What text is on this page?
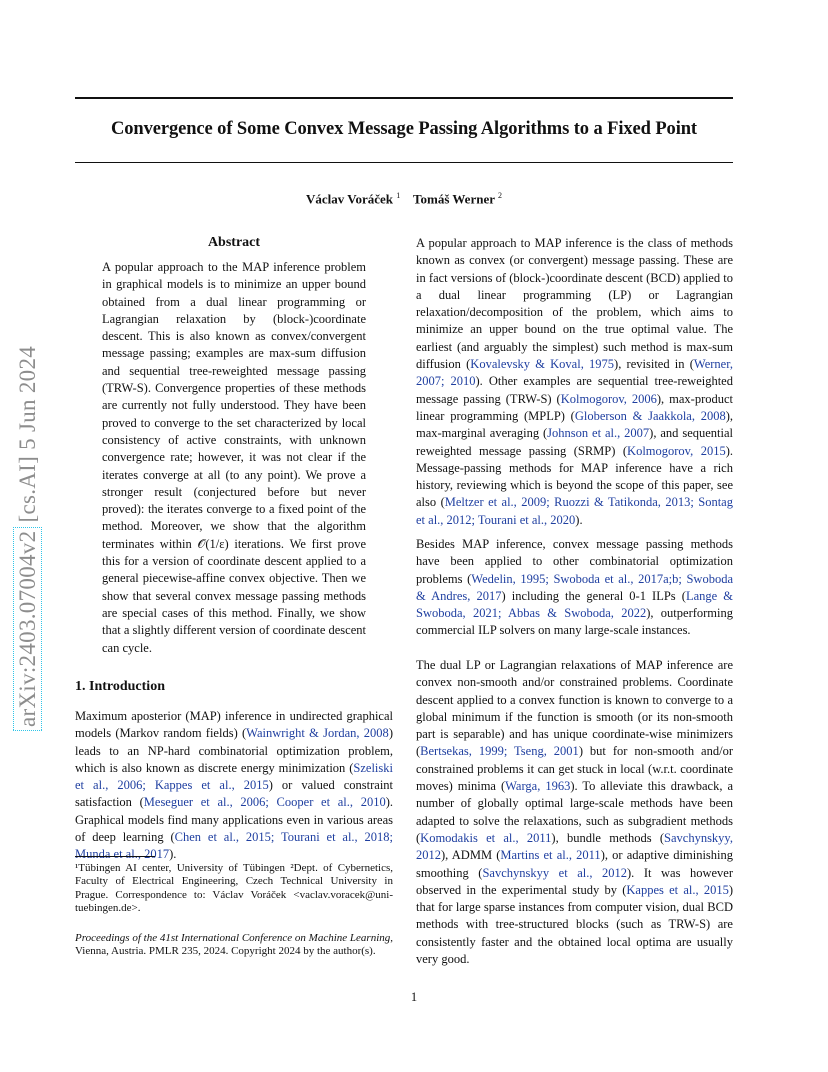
Convergence of Some Convex Message Passing Algorithms to a Fixed Point
Václav Voráček $^1$ Tomáš Werner $^2$
arXiv:2403.07004v2 [cs.AI] 5 Jun 2024
Abstract
A popular approach to the MAP inference problem in graphical models is to minimize an upper bound obtained from a dual linear programming or Lagrangian relaxation by (block-)coordinate descent. This is also known as convex/convergent message passing; examples are max-sum diffusion and sequential tree-reweighted message passing (TRW-S). Convergence properties of these methods are currently not fully understood. They have been proved to converge to the set characterized by local consistency of active constraints, with unknown convergence rate; however, it was not clear if the iterates converge at all (to any point). We prove a stronger result (conjectured before but never proved): the iterates converge to a fixed point of the method. Moreover, we show that the algorithm terminates within 𝒪(1/ε) iterations. We first prove this for a version of coordinate descent applied to a general piecewise-affine convex objective. Then we show that several convex message passing methods are special cases of this method. Finally, we show that a slightly different version of coordinate descent can cycle.
1. Introduction
Maximum aposterior (MAP) inference in undirected graphical models (Markov random fields) (Wainwright & Jordan, 2008) leads to an NP-hard combinatorial optimization problem, which is also known as discrete energy minimization (Szeliski et al., 2006; Kappes et al., 2015) or valued constraint satisfaction (Meseguer et al., 2006; Cooper et al., 2010). Graphical models find many applications even in various areas of deep learning (Chen et al., 2015; Tourani et al., 2018; Munda et al., 2017).
¹Tübingen AI center, University of Tübingen ²Dept. of Cybernetics, Faculty of Electrical Engineering, Czech Technical University in Prague. Correspondence to: Václav Voráček <vaclav.voracek@uni-tuebingen.de>.
Proceedings of the 41st International Conference on Machine Learning, Vienna, Austria. PMLR 235, 2024. Copyright 2024 by the author(s).
A popular approach to MAP inference is the class of methods known as convex (or convergent) message passing. These are in fact versions of (block-)coordinate descent (BCD) applied to a dual linear programming (LP) or Lagrangian relaxation/decomposition of the problem, which aims to minimize an upper bound on the true optimal value. The earliest (and arguably the simplest) such method is max-sum diffusion (Kovalevsky & Koval, 1975), revisited in (Werner, 2007; 2010). Other examples are sequential tree-reweighted message passing (TRW-S) (Kolmogorov, 2006), max-product linear programming (MPLP) (Globerson & Jaakkola, 2008), max-marginal averaging (Johnson et al., 2007), and sequential reweighted message passing (SRMP) (Kolmogorov, 2015). Message-passing methods for MAP inference have a rich history, reviewing which is beyond the scope of this paper, see also (Meltzer et al., 2009; Ruozzi & Tatikonda, 2013; Sontag et al., 2012; Tourani et al., 2020).
Besides MAP inference, convex message passing methods have been applied to other combinatorial optimization problems (Wedelin, 1995; Swoboda et al., 2017a;b; Swoboda & Andres, 2017) including the general 0-1 ILPs (Lange & Swoboda, 2021; Abbas & Swoboda, 2022), outperforming commercial ILP solvers on many large-scale instances.
The dual LP or Lagrangian relaxations of MAP inference are convex non-smooth and/or constrained problems. Coordinate descent applied to a convex function is known to converge to a global minimum if the function is smooth (or its non-smooth part is separable) and has unique coordinate-wise minimizers (Bertsekas, 1999; Tseng, 2001) but for non-smooth and/or constrained problems it can get stuck in local (w.r.t. coordinate moves) minima (Warga, 1963). To alleviate this drawback, a number of globally optimal large-scale methods have been adapted to solve the relaxations, such as subgradient methods (Komodakis et al., 2011), bundle methods (Savchynskyy, 2012), ADMM (Martins et al., 2011), or adaptive diminishing smoothing (Savchynskyy et al., 2012). It was however observed in the experimental study by (Kappes et al., 2015) that for large sparse instances from computer vision, dual BCD methods with tree-structured blocks (such as TRW-S) are consistently faster and the obtained local optima are usually very good.
1
